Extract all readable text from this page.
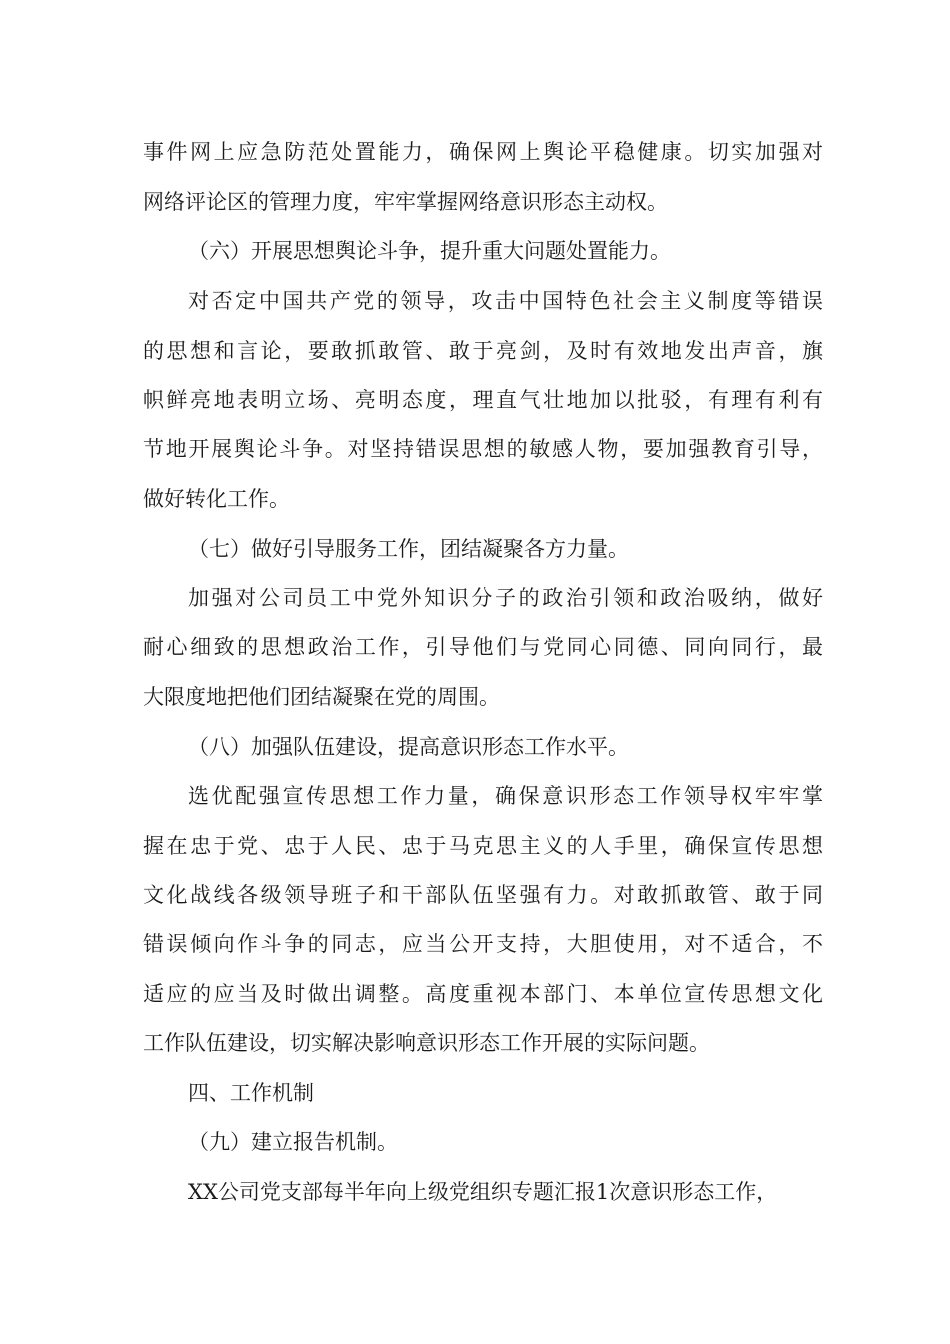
事件网上应急防范处置能力，确保网上舆论平稳健康。切实加强对
网络评论区的管理力度，牢牢掌握网络意识形态主动权。
（六）开展思想舆论斗争，提升重大问题处置能力。
对否定中国共产党的领导，攻击中国特色社会主义制度等错误
的思想和言论，要敢抓敢管、敢于亮剑，及时有效地发出声音，旗
帜鲜亮地表明立场、亮明态度，理直气壮地加以批驳，有理有利有
节地开展舆论斗争。对坚持错误思想的敏感人物，要加强教育引导，
做好转化工作。
（七）做好引导服务工作，团结凝聚各方力量。
加强对公司员工中党外知识分子的政治引领和政治吸纳，做好
耐心细致的思想政治工作，引导他们与党同心同德、同向同行，最
大限度地把他们团结凝聚在党的周围。
（八）加强队伍建设，提高意识形态工作水平。
选优配强宣传思想工作力量，确保意识形态工作领导权牢牢掌
握在忠于党、忠于人民、忠于马克思主义的人手里，确保宣传思想
文化战线各级领导班子和干部队伍坚强有力。对敢抓敢管、敢于同
错误倾向作斗争的同志，应当公开支持，大胆使用，对不适合，不
适应的应当及时做出调整。高度重视本部门、本单位宣传思想文化
工作队伍建设，切实解决影响意识形态工作开展的实际问题。
四、工作机制
（九）建立报告机制。
XX公司党支部每半年向上级党组织专题汇报1次意识形态工作，
